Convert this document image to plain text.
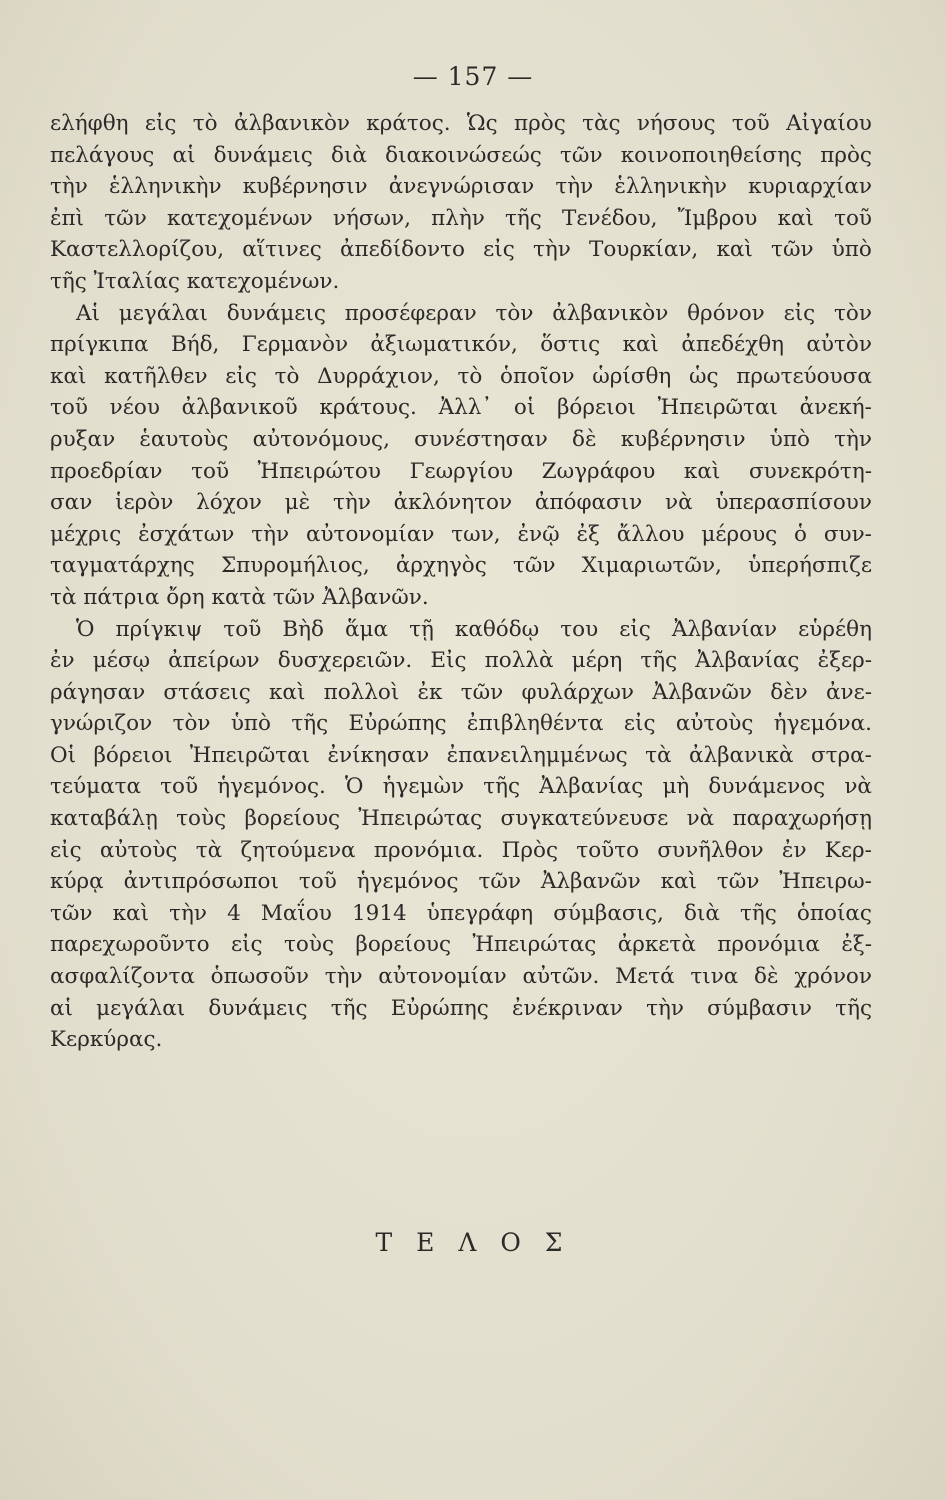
— 157 —
ελήφθη εἰς τὸ ἀλβανικὸν κράτος. Ὡς πρὸς τὰς νήσους τοῦ Αἰγαίου
πελάγους αἱ δυνάμεις διὰ διακοινώσεώς τῶν κοινοποιηθείσης πρὸς
τὴν ἑλληνικὴν κυβέρνησιν ἀνεγνώρισαν τὴν ἑλληνικὴν κυριαρχίαν
ἐπὶ τῶν κατεχομένων νήσων, πλὴν τῆς Τενέδου, Ἴμβρου καὶ τοῦ
Καστελλορίζου, αἵτινες ἀπεδίδοντο εἰς τὴν Τουρκίαν, καὶ τῶν ὑπὸ
τῆς Ἰταλίας κατεχομένων.
Αἱ μεγάλαι δυνάμεις προσέφεραν τὸν ἀλβανικὸν θρόνον εἰς τὸν
πρίγκιπα Βήδ, Γερμανὸν ἀξιωματικόν, ὅστις καὶ ἀπεδέχθη αὐτὸν
καὶ κατῆλθεν εἰς τὸ Δυρράχιον, τὸ ὁποῖον ὡρίσθη ὡς πρωτεύουσα
τοῦ νέου ἀλβανικοῦ κράτους. Ἀλλ᾽ οἱ βόρειοι Ἠπειρῶται ἀνεκή-
ρυξαν ἑαυτοὺς αὐτονόμους, συνέστησαν δὲ κυβέρνησιν ὑπὸ τὴν
προεδρίαν τοῦ Ἠπειρώτου Γεωργίου Ζωγράφου καὶ συνεκρότη-
σαν ἱερὸν λόχον μὲ τὴν ἀκλόνητον ἀπόφασιν νὰ ὑπερασπίσουν
μέχρις ἐσχάτων τὴν αὐτονομίαν των, ἐνῷ ἐξ ἄλλου μέρους ὁ συν-
ταγματάρχης Σπυρομήλιος, ἀρχηγὸς τῶν Χιμαριωτῶν, ὑπερήσπιζε
τὰ πάτρια ὄρη κατὰ τῶν Ἀλβανῶν.
Ὁ πρίγκιψ τοῦ Βὴδ ἅμα τῇ καθόδῳ του εἰς Ἀλβανίαν εὑρέθη
ἐν μέσῳ ἀπείρων δυσχερειῶν. Εἰς πολλὰ μέρη τῆς Ἀλβανίας ἐξερ-
ράγησαν στάσεις καὶ πολλοὶ ἐκ τῶν φυλάρχων Ἀλβανῶν δὲν ἀνε-
γνώριζον τὸν ὑπὸ τῆς Εὐρώπης ἐπιβληθέντα εἰς αὐτοὺς ἡγεμόνα.
Οἱ βόρειοι Ἠπειρῶται ἐνίκησαν ἐπανειλημμένως τὰ ἀλβανικὰ στρα-
τεύματα τοῦ ἡγεμόνος. Ὁ ἡγεμὼν τῆς Ἀλβανίας μὴ δυνάμενος νὰ
καταβάλῃ τοὺς βορείους Ἠπειρώτας συγκατεύνευσε νὰ παραχωρήσῃ
εἰς αὐτοὺς τὰ ζητούμενα προνόμια. Πρὸς τοῦτο συνῆλθον ἐν Κερ-
κύρᾳ ἀντιπρόσωποι τοῦ ἡγεμόνος τῶν Ἀλβανῶν καὶ τῶν Ἠπειρω-
τῶν καὶ τὴν 4 Μαΐου 1914 ὑπεγράφη σύμβασις, διὰ τῆς ὁποίας
παρεχωροῦντο εἰς τοὺς βορείους Ἠπειρώτας ἀρκετὰ προνόμια ἐξ-
ασφαλίζοντα ὁπωσοῦν τὴν αὐτονομίαν αὐτῶν. Μετά τινα δὲ χρόνον
αἱ μεγάλαι δυνάμεις τῆς Εὐρώπης ἐνέκριναν τὴν σύμβασιν τῆς
Κερκύρας.
Τ Ε Λ Ο Σ
